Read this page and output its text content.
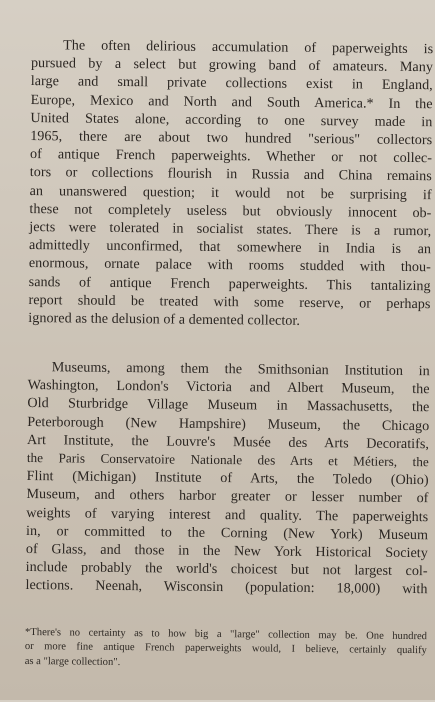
The often delirious accumulation of paperweights is
pursued by a select but growing band of amateurs. Many
large and small private collections exist in England,
Europe, Mexico and North and South America.* In the
United States alone, according to one survey made in
1965, there are about two hundred "serious" collectors
of antique French paperweights. Whether or not collec-
tors or collections flourish in Russia and China remains
an unanswered question; it would not be surprising if
these not completely useless but obviously innocent ob-
jects were tolerated in socialist states. There is a rumor,
admittedly unconfirmed, that somewhere in India is an
enormous, ornate palace with rooms studded with thou-
sands of antique French paperweights. This tantalizing
report should be treated with some reserve, or perhaps
ignored as the delusion of a demented collector.
Museums, among them the Smithsonian Institution in
Washington, London's Victoria and Albert Museum, the
Old Sturbridge Village Museum in Massachusetts, the
Peterborough (New Hampshire) Museum, the Chicago
Art Institute, the Louvre's Musée des Arts Decoratifs,
the Paris Conservatoire Nationale des Arts et Métiers, the
Flint (Michigan) Institute of Arts, the Toledo (Ohio)
Museum, and others harbor greater or lesser number of
weights of varying interest and quality. The paperweights
in, or committed to the Corning (New York) Museum
of Glass, and those in the New York Historical Society
include probably the world's choicest but not largest col-
lections. Neenah, Wisconsin (population: 18,000) with
*There's no certainty as to how big a "large" collection may be. One hundred
or more fine antique French paperweights would, I believe, certainly qualify
as a "large collection".
